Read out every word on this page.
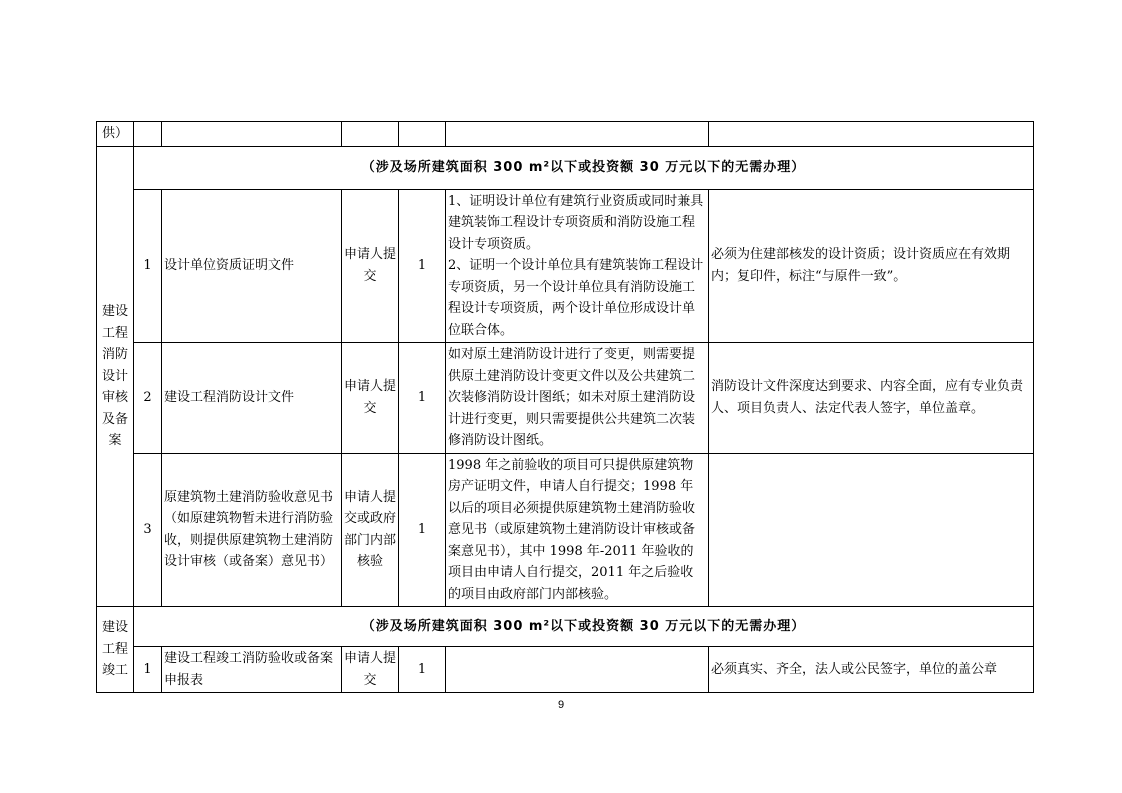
供）						
建设工程消防设计审核及备案	（涉及场所建筑面积 300 m²以下或投资额 30 万元以下的无需办理）					
	1	设计单位资质证明文件	申请人提交	1	1、证明设计单位有建筑行业资质或同时兼具建筑装饰工程设计专项资质和消防设施工程设计专项资质。
2、证明一个设计单位具有建筑装饰工程设计专项资质，另一个设计单位具有消防设施工程设计专项资质，两个设计单位形成设计单位联合体。	必须为住建部核发的设计资质；设计资质应在有效期内；复印件，标注“与原件一致”。
	2	建设工程消防设计文件	申请人提交	1	如对原土建消防设计进行了变更，则需要提供原土建消防设计变更文件以及公共建筑二次装修消防设计图纸；如未对原土建消防设计进行变更，则只需要提供公共建筑二次装修消防设计图纸。	消防设计文件深度达到要求、内容全面，应有专业负责人、项目负责人、法定代表人签字，单位盖章。
	3	原建筑物土建消防验收意见书（如原建筑物暂未进行消防验收，则提供原建筑物土建消防设计审核（或备案）意见书）	申请人提交或政府部门内部核验	1	1998 年之前验收的项目可只提供原建筑物房产证明文件，申请人自行提交；1998 年以后的项目必须提供原建筑物土建消防验收意见书（或原建筑物土建消防设计审核或备案意见书），其中 1998 年-2011 年验收的项目由申请人自行提交，2011 年之后验收的项目由政府部门内部核验。	
建设工程竣工	（涉及场所建筑面积 300 m²以下或投资额 30 万元以下的无需办理）					
	1	建设工程竣工消防验收或备案申报表	申请人提交	1		必须真实、齐全，法人或公民签字，单位的盖公章
9
